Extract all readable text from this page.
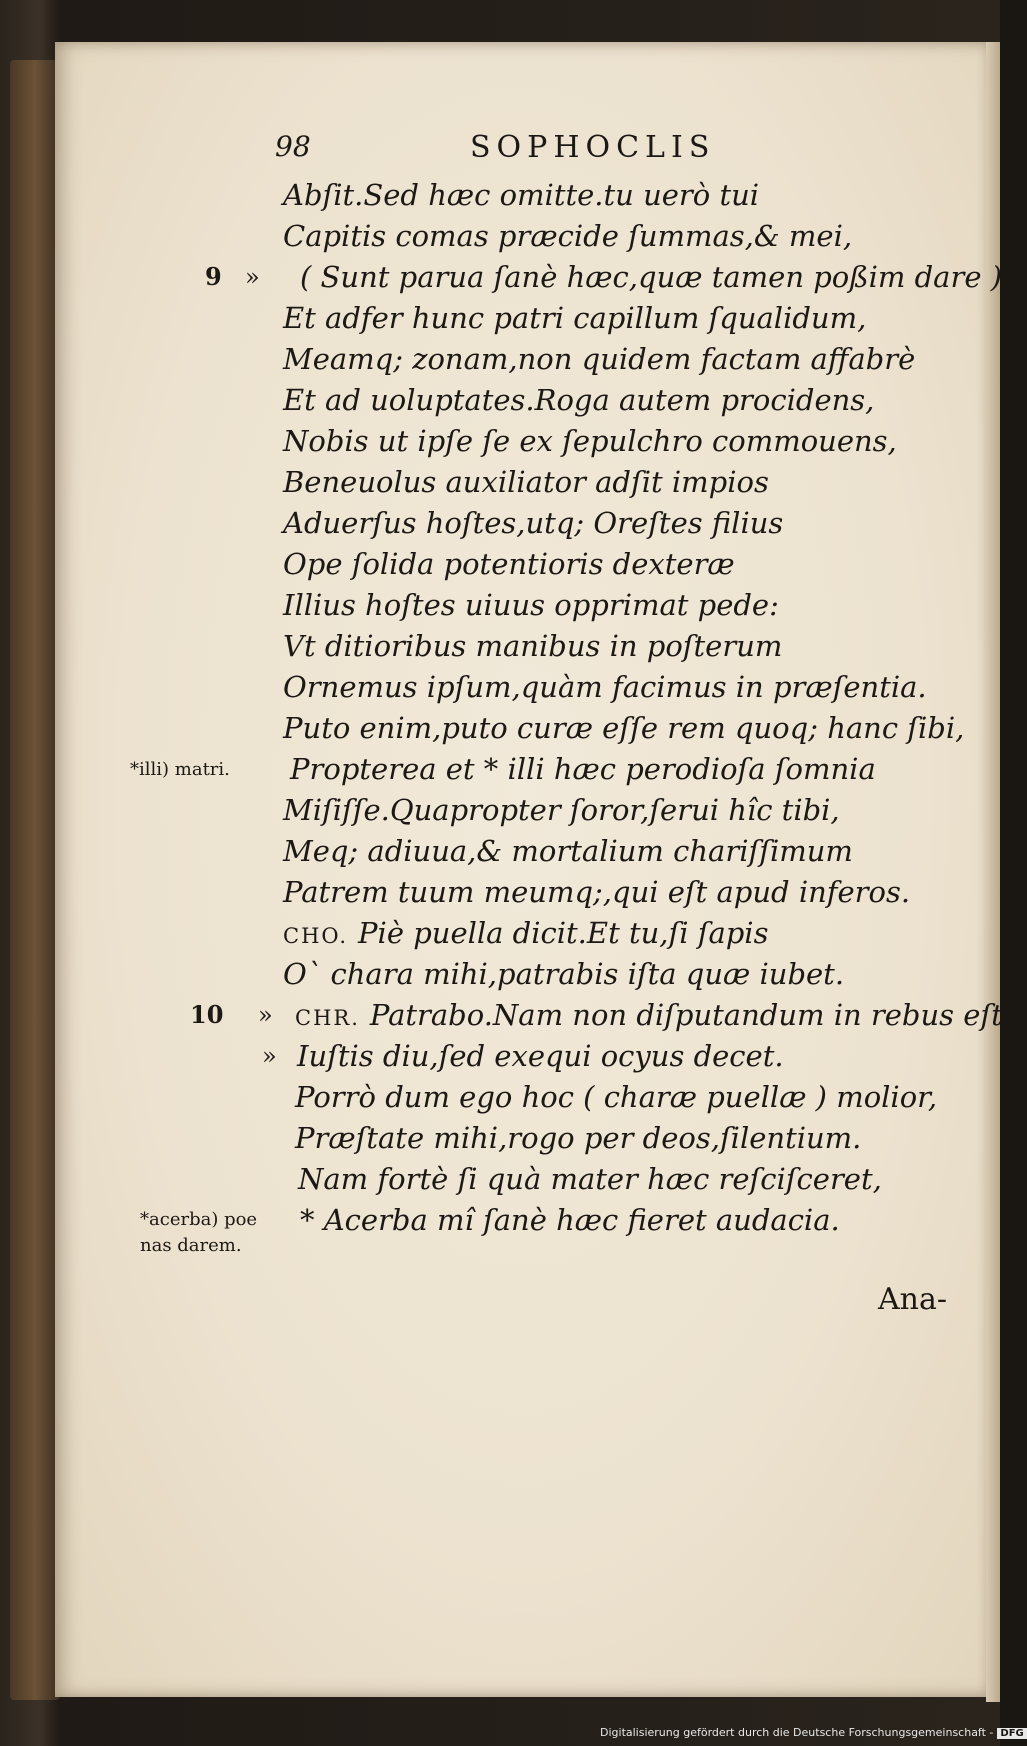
98	SOPHOCLIS
Abſit.Sed hæc omitte.tu uerò tui
Capitis comas præcide ſummas,& mei,
9 » ( Sunt parua ſanè hæc,quæ tamen poßim dare )
Et adfer hunc patri capillum ſqualidum,
Meamq; zonam,non quidem factam affabrè
Et ad uoluptates.Roga autem procidens,
Nobis ut ipſe ſe ex ſepulchro commouens,
Beneuolus auxiliator adſit impios
Aduerſus hoſtes,utq; Oreſtes filius
Ope ſolida potentioris dexteræ
Illius hoſtes uiuus opprimat pede:
Vt ditioribus manibus in poſterum
Ornemus ipſum,quàm facimus in præſentia.
Puto enim,puto curæ eſſe rem quoq; hanc ſibi,
Propterea et * illi hæc perodioſa ſomnia
Miſiſſe.Quapropter ſoror,ſerui hîc tibi,
Meq; adiuua,& mortalium chariſſimum
Patrem tuum meumq;,qui eſt apud inferos.
CHO. Piè puella dicit.Et tu,ſi ſapis
O` chara mihi,patrabis iſta quæ iubet.
10 » CHR. Patrabo.Nam non diſputandum in rebus eſt
» Iuſtis diu,ſed exequi ocyus decet.
Porrò dum ego hoc ( charæ puellæ ) molior,
Præſtate mihi,rogo per deos,ſilentium.
Nam fortè ſi quà mater hæc reſciſceret,
* Acerba mî ſanè hæc fieret audacia.
*illi) matri.
*acerba) poe
nas darem.
Ana-
Digitalisierung gefördert durch die Deutsche Forschungsgemeinschaft - DFG
